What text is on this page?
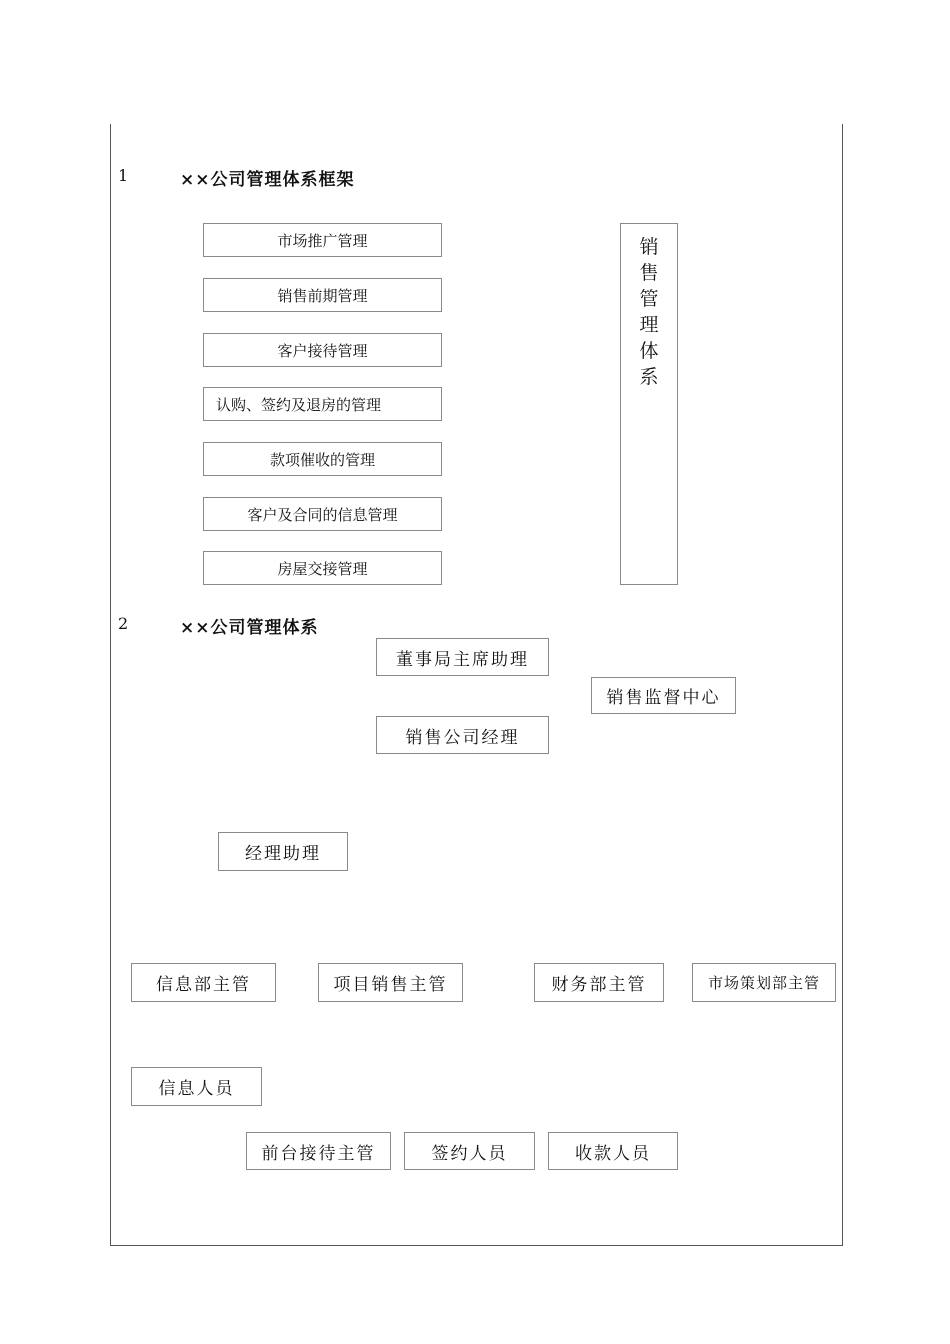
1	××公司管理体系框架
市场推广管理
销售前期管理
客户接待管理
认购、签约及退房的管理
款项催收的管理
客户及合同的信息管理
房屋交接管理
销
售
管
理
体
系
2	××公司管理体系
董事局主席助理
销售监督中心
销售公司经理
经理助理
信息部主管	项目销售主管	财务部主管	市场策划部主管
信息人员
前台接待主管	签约人员	收款人员
